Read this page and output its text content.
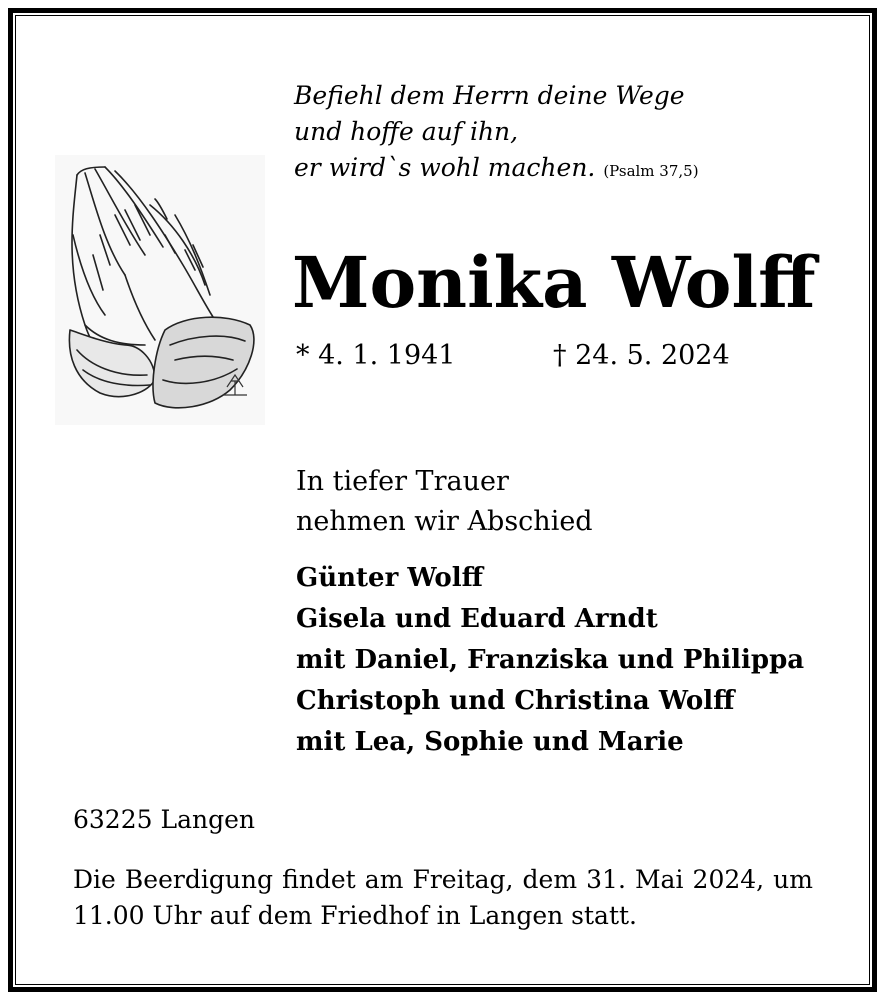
Befiehl dem Herrn deine Wege
und hoffe auf ihn,
er wird`s wohl machen. (Psalm 37,5)
Monika Wolff
* 4. 1. 1941	† 24. 5. 2024
In tiefer Trauer
nehmen wir Abschied
Günter Wolff
Gisela und Eduard Arndt
mit Daniel, Franziska und Philippa
Christoph und Christina Wolff
mit Lea, Sophie und Marie
63225 Langen
Die Beerdigung findet am Freitag, dem 31. Mai 2024, um 11.00 Uhr auf dem Friedhof in Langen statt.
